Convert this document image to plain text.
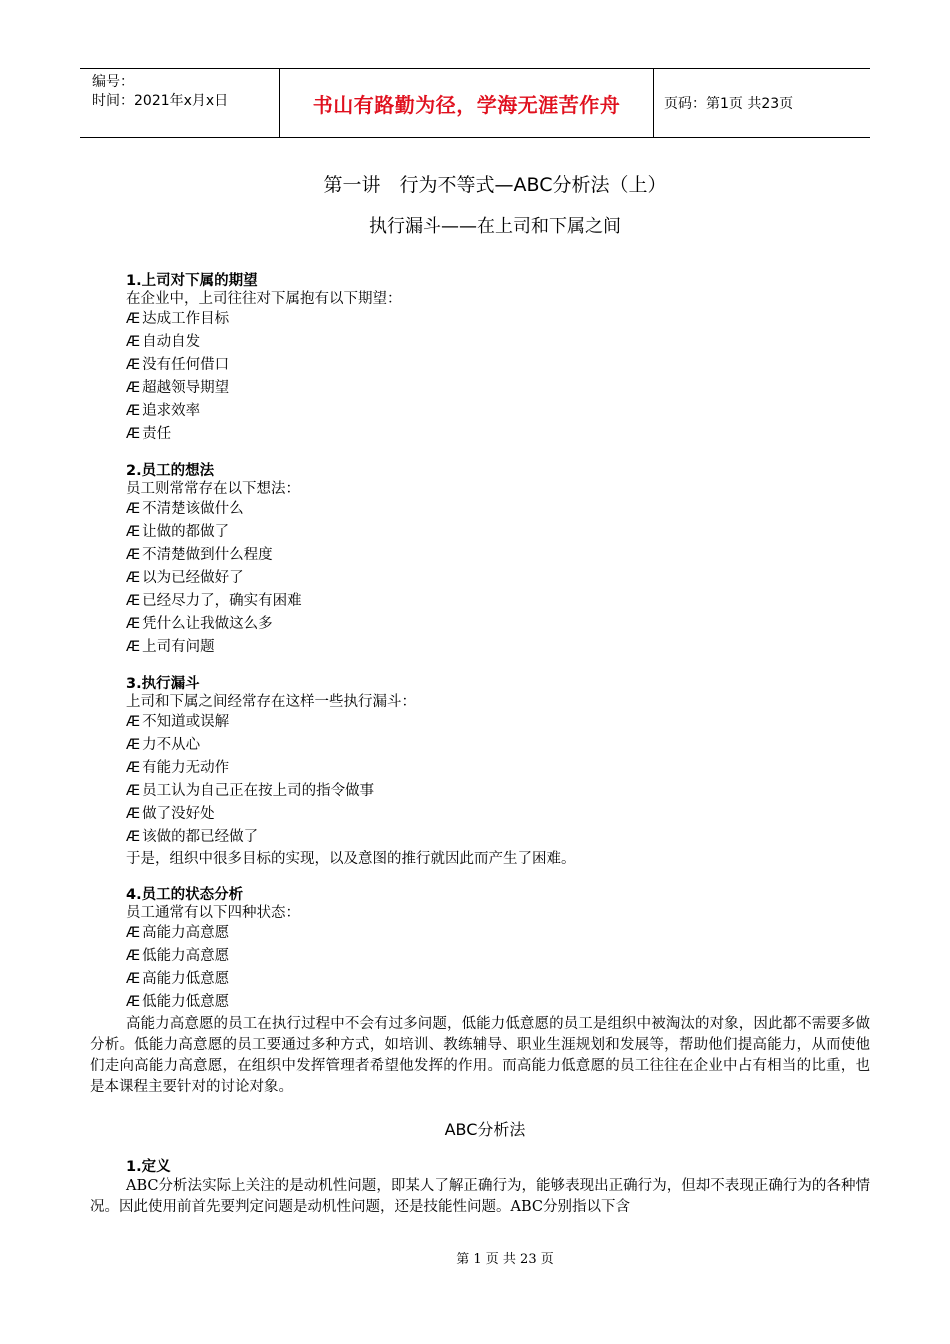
编号：
时间：2021年x月x日	书山有路勤为径，学海无涯苦作舟	页码：第1页 共23页
第一讲　行为不等式—ABC分析法（上）
执行漏斗——在上司和下属之间
1.上司对下属的期望
在企业中，上司往往对下属抱有以下期望：
Æ 达成工作目标
Æ 自动自发
Æ 没有任何借口
Æ 超越领导期望
Æ 追求效率
Æ 责任
2.员工的想法
员工则常常存在以下想法：
Æ 不清楚该做什么
Æ 让做的都做了
Æ 不清楚做到什么程度
Æ 以为已经做好了
Æ 已经尽力了，确实有困难
Æ 凭什么让我做这么多
Æ 上司有问题
3.执行漏斗
上司和下属之间经常存在这样一些执行漏斗：
Æ 不知道或误解
Æ 力不从心
Æ 有能力无动作
Æ 员工认为自己正在按上司的指令做事
Æ 做了没好处
Æ 该做的都已经做了
于是，组织中很多目标的实现，以及意图的推行就因此而产生了困难。
4.员工的状态分析
员工通常有以下四种状态：
Æ 高能力高意愿
Æ 低能力高意愿
Æ 高能力低意愿
Æ 低能力低意愿
高能力高意愿的员工在执行过程中不会有过多问题，低能力低意愿的员工是组织中被淘汰的对象，因此都不需要多做分析。低能力高意愿的员工要通过多种方式，如培训、教练辅导、职业生涯规划和发展等，帮助他们提高能力，从而使他们走向高能力高意愿，在组织中发挥管理者希望他发挥的作用。而高能力低意愿的员工往往在企业中占有相当的比重，也是本课程主要针对的讨论对象。
ABC分析法
1.定义
ABC分析法实际上关注的是动机性问题，即某人了解正确行为，能够表现出正确行为，但却不表现正确行为的各种情况。因此使用前首先要判定问题是动机性问题，还是技能性问题。ABC分别指以下含
第 1 页 共 23 页
